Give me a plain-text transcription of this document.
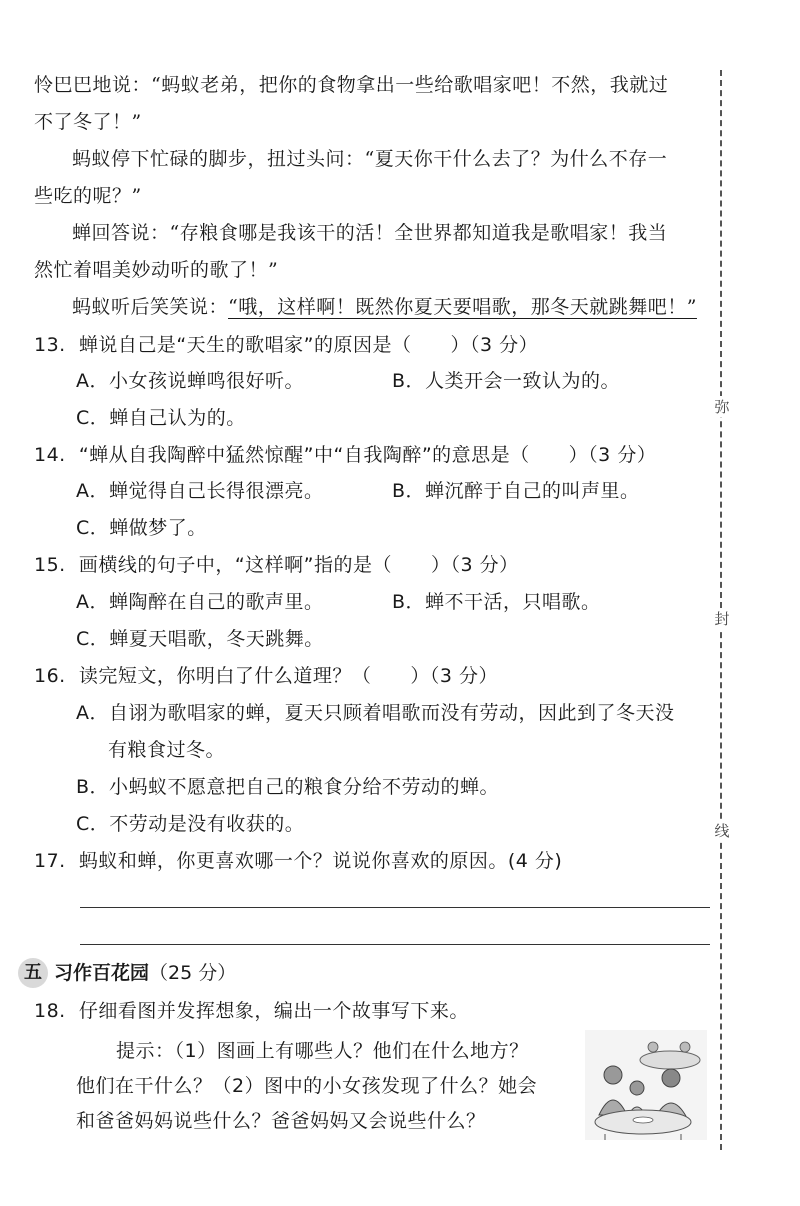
怜巴巴地说：“蚂蚁老弟，把你的食物拿出一些给歌唱家吧！不然，我就过
不了冬了！”
蚂蚁停下忙碌的脚步，扭过头问：“夏天你干什么去了？为什么不存一
些吃的呢？”
蝉回答说：“存粮食哪是我该干的活！全世界都知道我是歌唱家！我当
然忙着唱美妙动听的歌了！”
蚂蚁听后笑笑说：“哦，这样啊！既然你夏天要唱歌，那冬天就跳舞吧！”
13. 蝉说自己是“天生的歌唱家”的原因是（　　）（3 分）
A．小女孩说蝉鸣很好听。	B．人类开会一致认为的。
C．蝉自己认为的。
14. “蝉从自我陶醉中猛然惊醒”中“自我陶醉”的意思是（　　）（3 分）
A．蝉觉得自己长得很漂亮。	B．蝉沉醉于自己的叫声里。
C．蝉做梦了。
15. 画横线的句子中，“这样啊”指的是（　　）（3 分）
A．蝉陶醉在自己的歌声里。	B．蝉不干活，只唱歌。
C．蝉夏天唱歌，冬天跳舞。
16. 读完短文，你明白了什么道理？（　　）（3 分）
A．自诩为歌唱家的蝉，夏天只顾着唱歌而没有劳动，因此到了冬天没
有粮食过冬。
B．小蚂蚁不愿意把自己的粮食分给不劳动的蝉。
C．不劳动是没有收获的。
17. 蚂蚁和蝉，你更喜欢哪一个？说说你喜欢的原因。(4 分)
五 习作百花园（25 分）
18. 仔细看图并发挥想象，编出一个故事写下来。
提示：（1）图画上有哪些人？他们在什么地方？
他们在干什么？（2）图中的小女孩发现了什么？她会
和爸爸妈妈说些什么？爸爸妈妈又会说些什么？
弥
封
线
